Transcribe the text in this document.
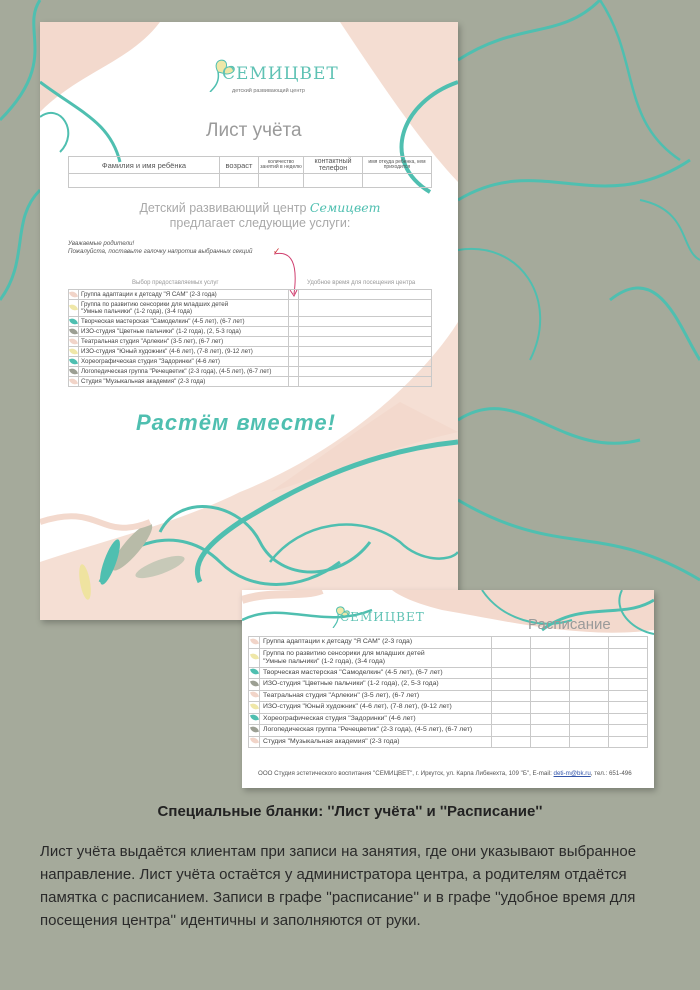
СЕМИЦВЕТ
детский развивающий центр
Лист учёта
Фамилия и имя ребёнка	возраст	количество занятий в неделю	контактный телефон	имя откуда ребенка, кем приходится

Детский развивающий центр Семицвет
предлагает следующие услуги:
Уважаемые родители!
Пожалуйста, поставьте галочку напротив выбранных секций ✓
Выбор предоставляемых услуг	Удобное время для посещения центра
	Группа адаптации к детсаду "Я САМ" (2-3 года)		
	Группа по развитию сенсорики для младших детей
"Умные пальчики" (1-2 года), (3-4 года)		
	Творческая мастерская "Самоделкин" (4-5 лет), (6-7 лет)		
	ИЗО-студия "Цветные пальчики" (1-2 года), (2, 5-3 года)		
	Театральная студия "Арлекин" (3-5 лет), (6-7 лет)		
	ИЗО-студия "Юный художник" (4-6 лет), (7-8 лет), (9-12 лет)		
	Хореографическая студия "Задоринки" (4-6 лет)		
	Логопедическая группа "Речецветик" (2-3 года), (4-5 лет), (6-7 лет)		
	Студия "Музыкальная академия" (2-3 года)		
Растём вместе!
СЕМИЦВЕТ	Расписание
	Группа адаптации к детсаду "Я САМ" (2-3 года)				
	Группа по развитию сенсорики для младших детей
"Умные пальчики" (1-2 года), (3-4 года)				
	Творческая мастерская "Самоделкин" (4-5 лет), (6-7 лет)				
	ИЗО-студия "Цветные пальчики" (1-2 года), (2, 5-3 года)				
	Театральная студия "Арлекин" (3-5 лет), (6-7 лет)				
	ИЗО-студия "Юный художник" (4-6 лет), (7-8 лет), (9-12 лет)				
	Хореографическая студия "Задоринки" (4-6 лет)				
	Логопедическая группа "Речецветик" (2-3 года), (4-5 лет), (6-7 лет)				
	Студия "Музыкальная академия" (2-3 года)				
ООО Студия эстетического воспитания "СЕМИЦВЕТ", г. Иркутск, ул. Карла Либкнехта, 109 "Б", E-mail: deti-m@bk.ru, тел.: 651-496
Специальные бланки: ʹʹЛист учётаʹʹ и ʹʹРасписаниеʹʹ
Лист учёта выдаётся клиентам при записи на занятия, где они указывают выбранное направление. Лист учёта остаётся у администратора центра, а родителям отдаётся памятка с расписанием. Записи в графе ʹʹрасписаниеʹʹ и в графе ʹʹудобное время для посещения центраʹʹ идентичны и заполняются от руки.
